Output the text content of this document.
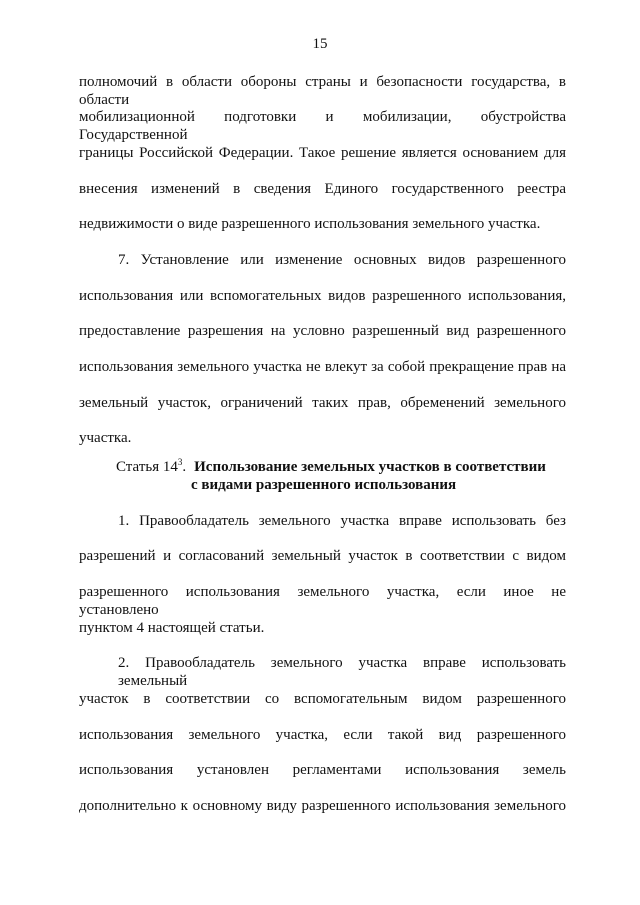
15
полномочий в области обороны страны и безопасности государства, в области
мобилизационной подготовки и мобилизации, обустройства Государственной
границы Российской Федерации. Такое решение является основанием для
внесения изменений в сведения Единого государственного реестра
недвижимости о виде разрешенного использования земельного участка.
7. Установление или изменение основных видов разрешенного
использования или вспомогательных видов разрешенного использования,
предоставление разрешения на условно разрешенный вид разрешенного
использования земельного участка не влекут за собой прекращение прав на
земельный участок, ограничений таких прав, обременений земельного
участка.
Статья $14^3$. Использование земельных участков в соответствии
с видами разрешенного использования
1. Правообладатель земельного участка вправе использовать без
разрешений и согласований земельный участок в соответствии с видом
разрешенного использования земельного участка, если иное не установлено
пунктом 4 настоящей статьи.
2. Правообладатель земельного участка вправе использовать земельный
участок в соответствии со вспомогательным видом разрешенного
использования земельного участка, если такой вид разрешенного
использования установлен регламентами использования земель
дополнительно к основному виду разрешенного использования земельного
